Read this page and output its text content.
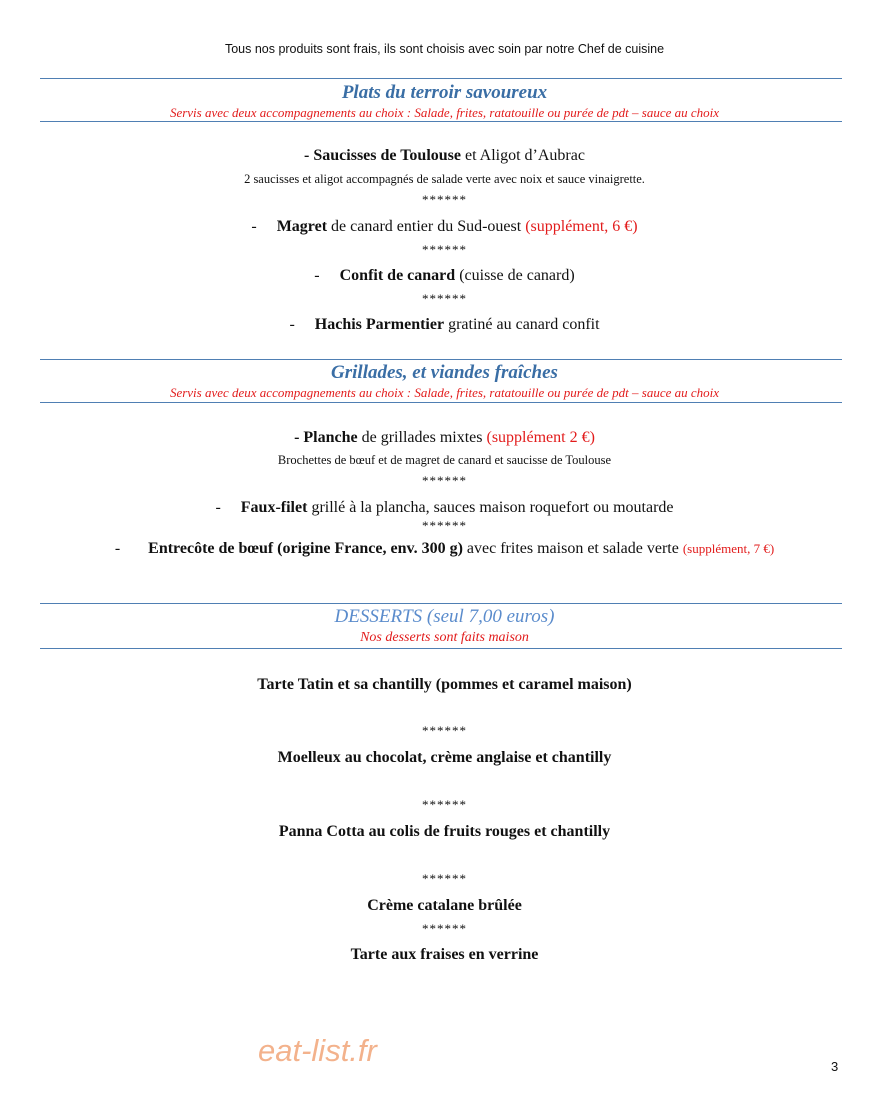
Tous nos produits sont frais, ils sont choisis avec soin par notre Chef de cuisine
Plats du terroir savoureux
Servis avec deux accompagnements au choix : Salade, frites, ratatouille ou purée de pdt – sauce au choix
- Saucisses de Toulouse et Aligot d’Aubrac
2 saucisses et aligot accompagnés de salade verte avec noix et sauce vinaigrette.
******
- Magret de canard entier du Sud-ouest (supplément, 6 €)
******
- Confit de canard (cuisse de canard)
******
- Hachis Parmentier gratiné au canard confit
Grillades, et viandes fraîches
Servis avec deux accompagnements au choix : Salade, frites, ratatouille ou purée de pdt – sauce au choix
- Planche de grillades mixtes (supplément 2 €)
Brochettes de bœuf et de magret de canard et saucisse de Toulouse
******
- Faux-filet grillé à la plancha, sauces maison roquefort ou moutarde
******
- Entrecôte de bœuf (origine France, env. 300 g) avec frites maison et salade verte (supplément, 7 €)
DESSERTS (seul 7,00 euros)
Nos desserts sont faits maison
Tarte Tatin et sa chantilly (pommes et caramel maison)
******
Moelleux au chocolat, crème anglaise et chantilly
******
Panna Cotta au colis de fruits rouges et chantilly
******
Crème catalane brûlée
******
Tarte aux fraises en verrine
eat-list.fr	3
